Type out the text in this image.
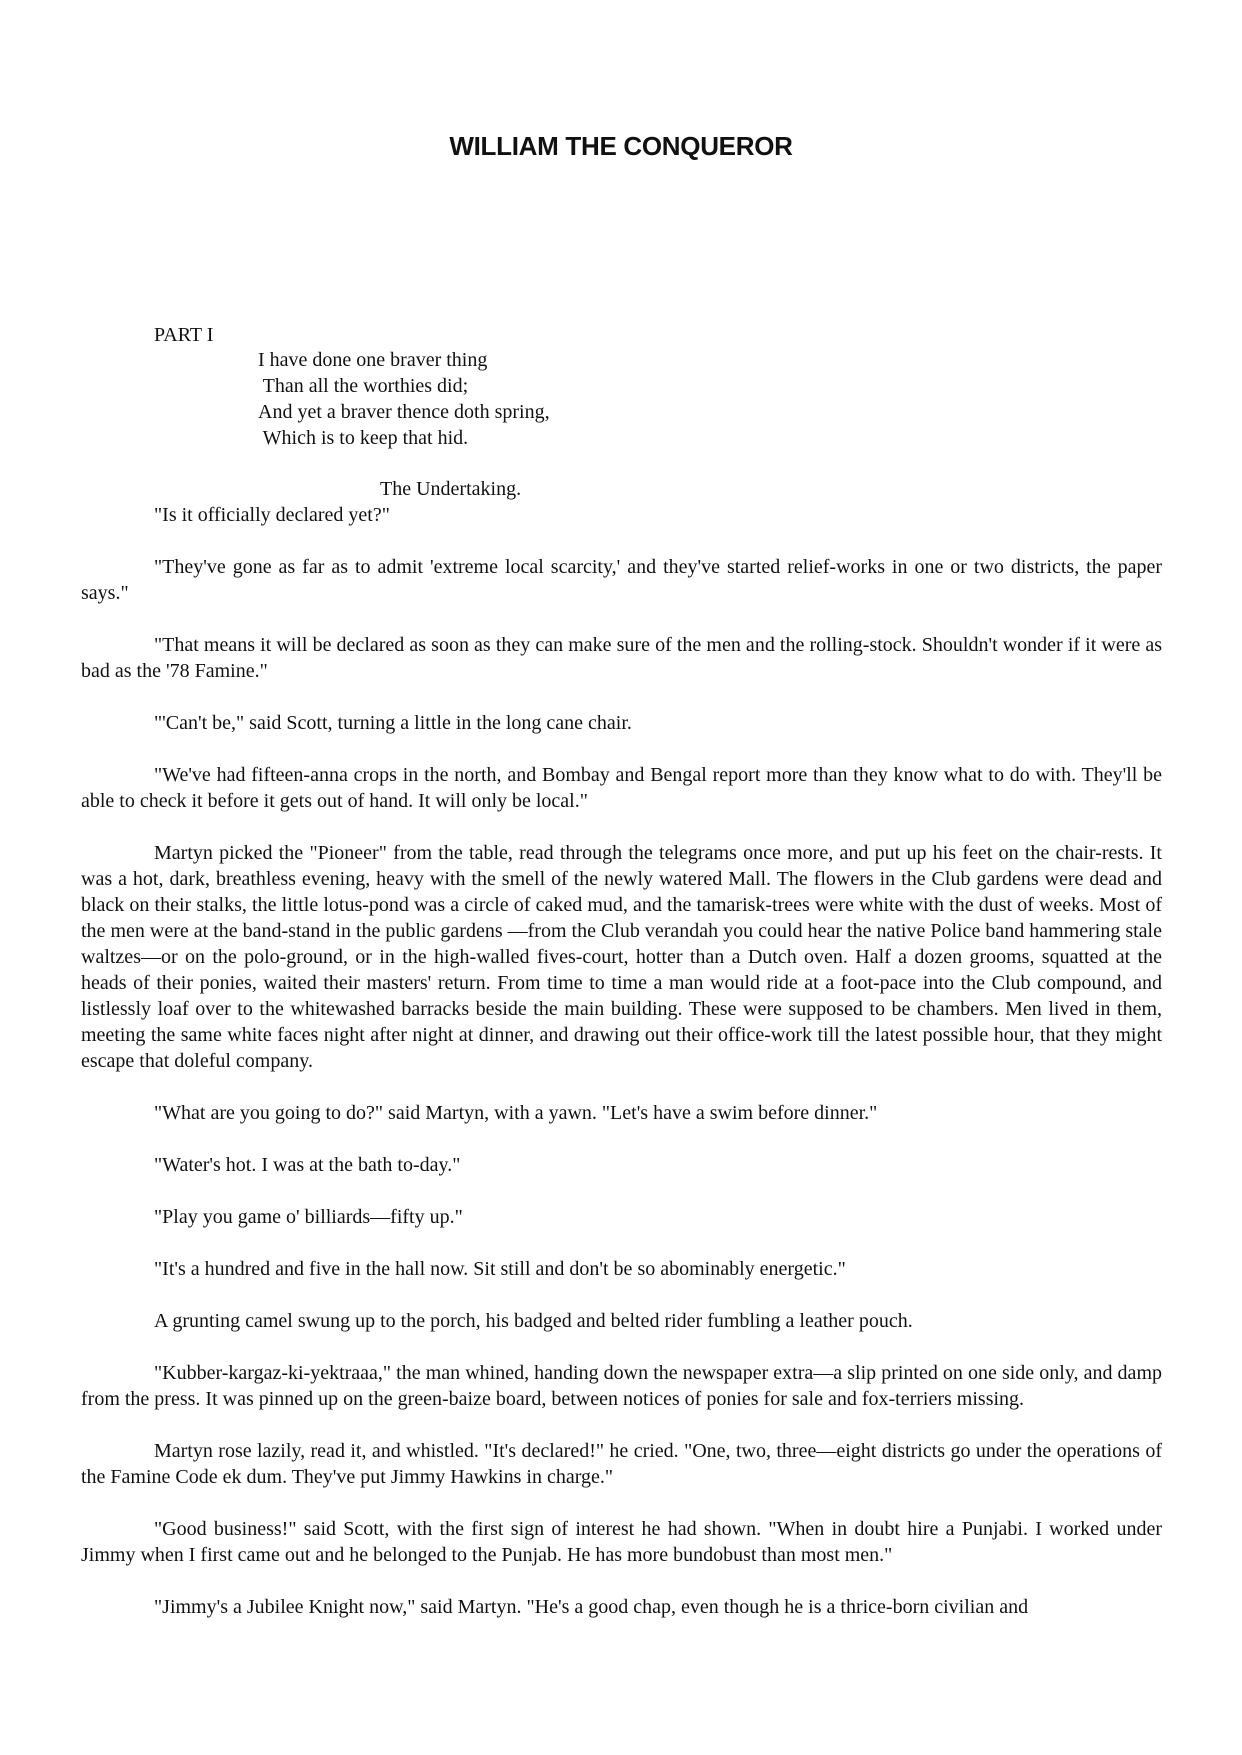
WILLIAM THE CONQUEROR
PART I
I have done one braver thing
Than all the worthies did;
And yet a braver thence doth spring,
Which is to keep that hid.
The Undertaking.

"Is it officially declared yet?"

"They've gone as far as to admit 'extreme local scarcity,' and they've started relief-works in one or two districts, the paper says."

"That means it will be declared as soon as they can make sure of the men and the rolling-stock. Shouldn't wonder if it were as bad as the '78 Famine."

"'Can't be," said Scott, turning a little in the long cane chair.

"We've had fifteen-anna crops in the north, and Bombay and Bengal report more than they know what to do with. They'll be able to check it before it gets out of hand. It will only be local."

Martyn picked the "Pioneer" from the table, read through the telegrams once more, and put up his feet on the chair-rests. It was a hot, dark, breathless evening, heavy with the smell of the newly watered Mall. The flowers in the Club gardens were dead and black on their stalks, the little lotus-pond was a circle of caked mud, and the tamarisk-trees were white with the dust of weeks. Most of the men were at the band-stand in the public gardens —from the Club verandah you could hear the native Police band hammering stale waltzes—or on the polo-ground, or in the high-walled fives-court, hotter than a Dutch oven. Half a dozen grooms, squatted at the heads of their ponies, waited their masters' return. From time to time a man would ride at a foot-pace into the Club compound, and listlessly loaf over to the whitewashed barracks beside the main building. These were supposed to be chambers. Men lived in them, meeting the same white faces night after night at dinner, and drawing out their office-work till the latest possible hour, that they might escape that doleful company.

"What are you going to do?" said Martyn, with a yawn. "Let's have a swim before dinner."

"Water's hot. I was at the bath to-day."

"Play you game o' billiards—fifty up."

"It's a hundred and five in the hall now. Sit still and don't be so abominably energetic."

A grunting camel swung up to the porch, his badged and belted rider fumbling a leather pouch.

"Kubber-kargaz-ki-yektraaa," the man whined, handing down the newspaper extra—a slip printed on one side only, and damp from the press. It was pinned up on the green-baize board, between notices of ponies for sale and fox-terriers missing.

Martyn rose lazily, read it, and whistled. "It's declared!" he cried. "One, two, three—eight districts go under the operations of the Famine Code ek dum. They've put Jimmy Hawkins in charge."

"Good business!" said Scott, with the first sign of interest he had shown. "When in doubt hire a Punjabi. I worked under Jimmy when I first came out and he belonged to the Punjab. He has more bundobust than most men."

"Jimmy's a Jubilee Knight now," said Martyn. "He's a good chap, even though he is a thrice-born civilian and
